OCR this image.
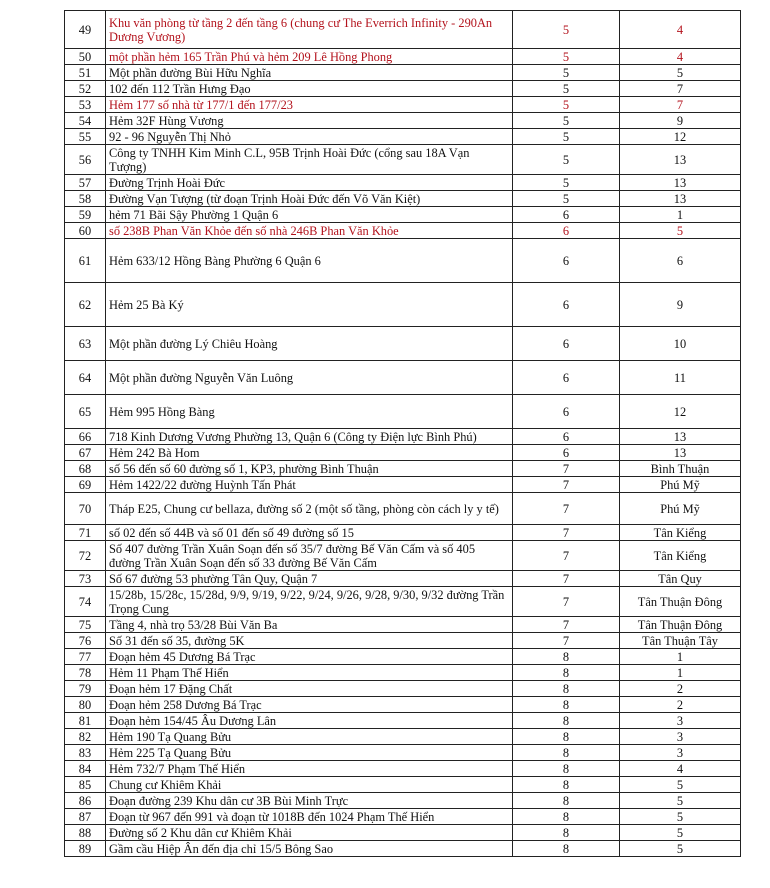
49	Khu văn phòng từ tầng 2 đến tầng 6 (chung cư The Everrich Infinity - 290An Dương Vương)	5	4
50	một phần hẻm 165 Trần Phú và hẻm 209 Lê Hồng Phong	5	4
51	Một phần đường Bùi Hữu Nghĩa	5	5
52	102 đến 112 Trần Hưng Đạo	5	7
53	Hẻm 177 số nhà từ 177/1 đến 177/23	5	7
54	Hẻm 32F Hùng Vương	5	9
55	92 - 96 Nguyễn Thị Nhỏ	5	12
56	Công ty TNHH Kim Minh C.L, 95B Trịnh Hoài Đức (cổng sau 18A Vạn Tượng)	5	13
57	Đường Trịnh Hoài Đức	5	13
58	Đường Vạn Tượng (từ đoạn Trịnh Hoài Đức đến Võ Văn Kiệt)	5	13
59	hẻm 71 Bãi Sậy Phường 1 Quận 6	6	1
60	số 238B Phan Văn Khỏe đến số nhà 246B Phan Văn Khỏe	6	5
61	Hẻm 633/12 Hồng Bàng Phường 6 Quận 6	6	6
62	Hẻm 25 Bà Ký	6	9
63	Một phần đường Lý Chiêu Hoàng	6	10
64	Một phần đường Nguyễn Văn Luông	6	11
65	Hẻm 995 Hồng Bàng	6	12
66	718 Kinh Dương Vương Phường 13, Quận 6 (Công ty Điện lực Bình Phú)	6	13
67	Hẻm 242 Bà Hom	6	13
68	số 56 đến số 60 đường số 1, KP3, phường Bình Thuận	7	Bình Thuận
69	Hẻm 1422/22 đường Huỳnh Tấn Phát	7	Phú Mỹ
70	Tháp E25, Chung cư bellaza, đường số 2 (một số tầng, phòng còn cách ly y tế)	7	Phú Mỹ
71	số 02 đến số 44B và số 01 đến số 49 đường số 15	7	Tân Kiểng
72	Số 407 đường Trần Xuân Soạn đến số 35/7 đường Bế Văn Cấm và số 405 đường Trần Xuân Soạn đến số 33 đường Bế Văn Cấm	7	Tân Kiểng
73	Số 67 đường 53 phường Tân Quy, Quận 7	7	Tân Quy
74	15/28b, 15/28c, 15/28d, 9/9, 9/19, 9/22, 9/24, 9/26, 9/28, 9/30, 9/32 đường Trần Trọng Cung	7	Tân Thuận Đông
75	Tầng 4, nhà trọ 53/28 Bùi Văn Ba	7	Tân Thuận Đông
76	Số 31 đến số 35, đường 5K	7	Tân Thuận Tây
77	Đoạn hẻm 45 Dương Bá Trạc	8	1
78	Hẻm 11 Phạm Thế Hiển	8	1
79	Đoạn hẻm 17 Đặng Chất	8	2
80	Đoạn hẻm 258 Dương Bá Trạc	8	2
81	Đoạn hẻm 154/45 Âu Dương Lân	8	3
82	Hẻm 190 Tạ Quang Bửu	8	3
83	Hẻm 225 Tạ Quang Bửu	8	3
84	Hẻm 732/7 Phạm Thế Hiển	8	4
85	Chung cư Khiêm Khải	8	5
86	Đoạn đường 239 Khu dân cư 3B Bùi Minh Trực	8	5
87	Đoạn từ 967 đến 991 và đoạn từ 1018B đến 1024 Phạm Thế Hiển	8	5
88	Đường số 2 Khu dân cư Khiêm Khải	8	5
89	Gầm cầu Hiệp Ân đến địa chỉ 15/5 Bông Sao	8	5
